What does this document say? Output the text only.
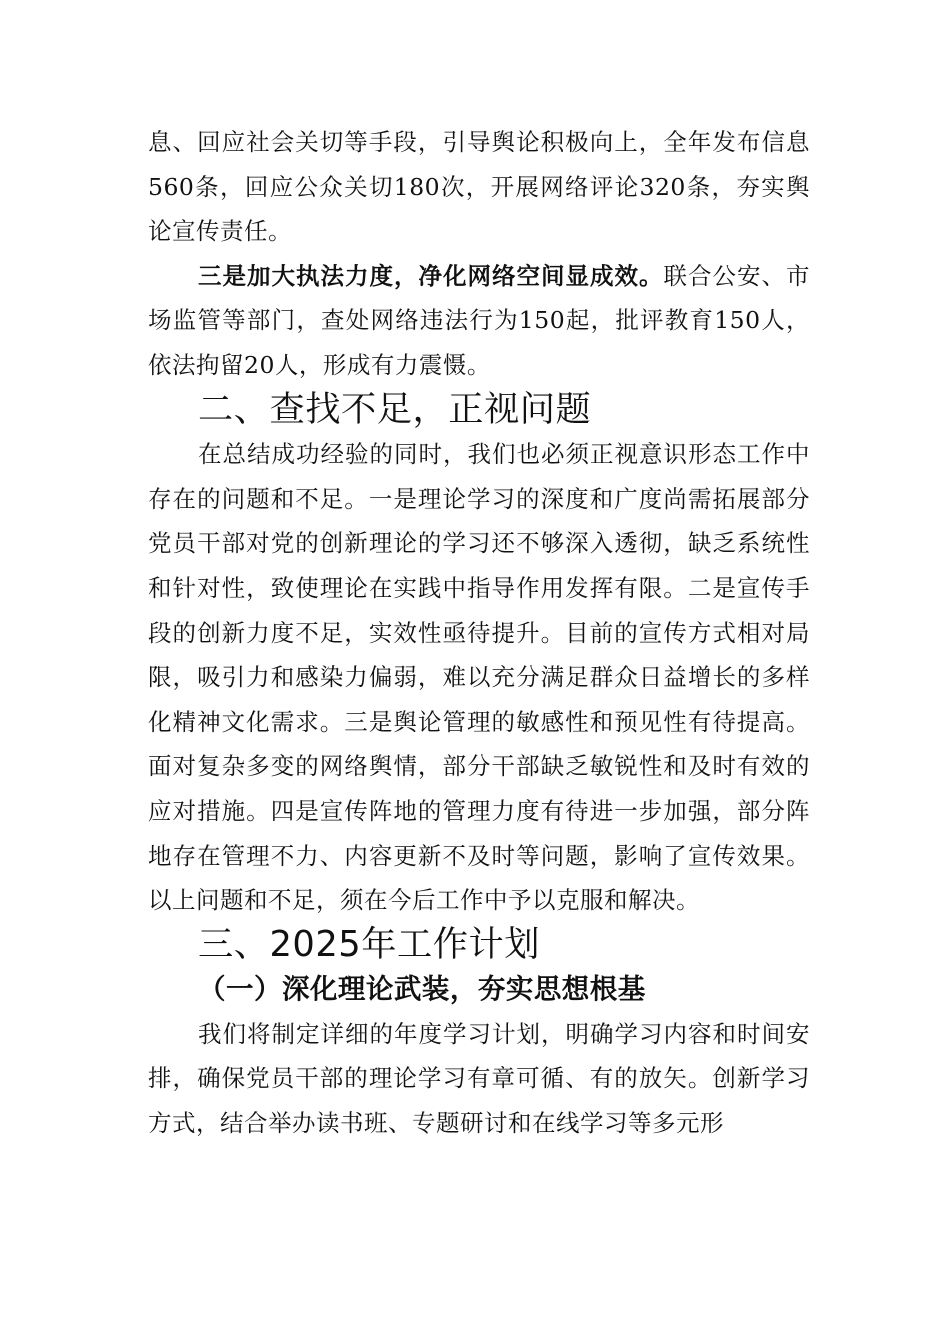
息、回应社会关切等手段，引导舆论积极向上，全年发布信息560条，回应公众关切180次，开展网络评论320条，夯实舆论宣传责任。

三是加大执法力度，净化网络空间显成效。联合公安、市场监管等部门，查处网络违法行为150起，批评教育150人，依法拘留20人，形成有力震慑。

二、查找不足，正视问题

在总结成功经验的同时，我们也必须正视意识形态工作中存在的问题和不足。一是理论学习的深度和广度尚需拓展部分党员干部对党的创新理论的学习还不够深入透彻，缺乏系统性和针对性，致使理论在实践中指导作用发挥有限。二是宣传手段的创新力度不足，实效性亟待提升。目前的宣传方式相对局限，吸引力和感染力偏弱，难以充分满足群众日益增长的多样化精神文化需求。三是舆论管理的敏感性和预见性有待提高。面对复杂多变的网络舆情，部分干部缺乏敏锐性和及时有效的应对措施。四是宣传阵地的管理力度有待进一步加强，部分阵地存在管理不力、内容更新不及时等问题，影响了宣传效果。以上问题和不足，须在今后工作中予以克服和解决。

三、2025年工作计划
（一）深化理论武装，夯实思想根基

我们将制定详细的年度学习计划，明确学习内容和时间安排，确保党员干部的理论学习有章可循、有的放矢。创新学习方式，结合举办读书班、专题研讨和在线学习等多元形
